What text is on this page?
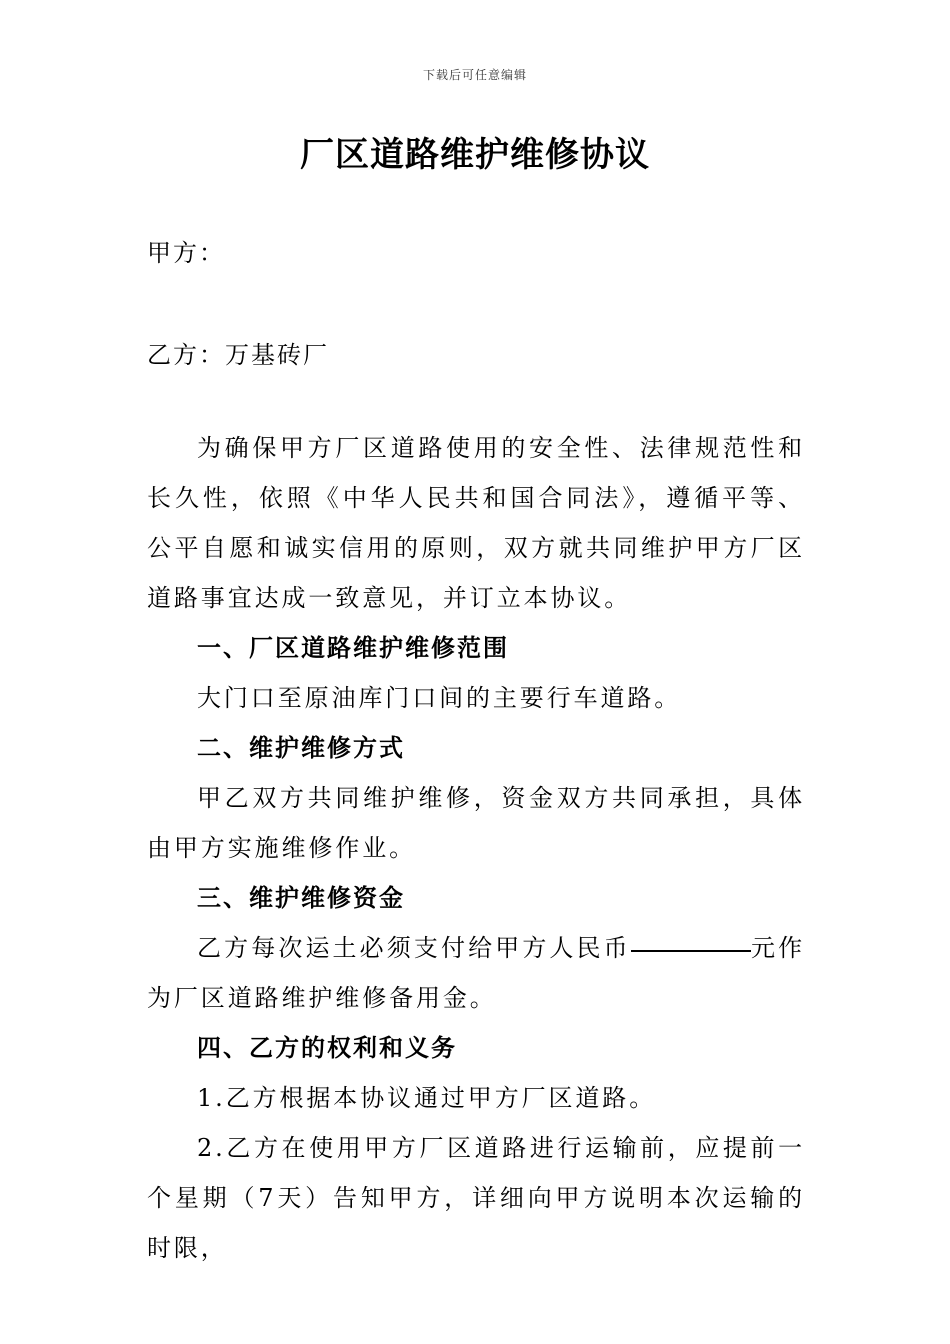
下载后可任意编辑
厂区道路维护维修协议
甲方：
乙方：万基砖厂

为确保甲方厂区道路使用的安全性、法律规范性和长久性，依照《中华人民共和国合同法》，遵循平等、公平自愿和诚实信用的原则，双方就共同维护甲方厂区道路事宜达成一致意见，并订立本协议。

一、厂区道路维护维修范围

大门口至原油库门口间的主要行车道路。

二、维护维修方式

甲乙双方共同维护维修，资金双方共同承担，具体由甲方实施维修作业。

三、维护维修资金

乙方每次运土必须支付给甲方人民币	元作为厂区道路维护维修备用金。

四、乙方的权利和义务

1.乙方根据本协议通过甲方厂区道路。

2.乙方在使用甲方厂区道路进行运输前，应提前一个星期（7天）告知甲方，详细向甲方说明本次运输的时限，
